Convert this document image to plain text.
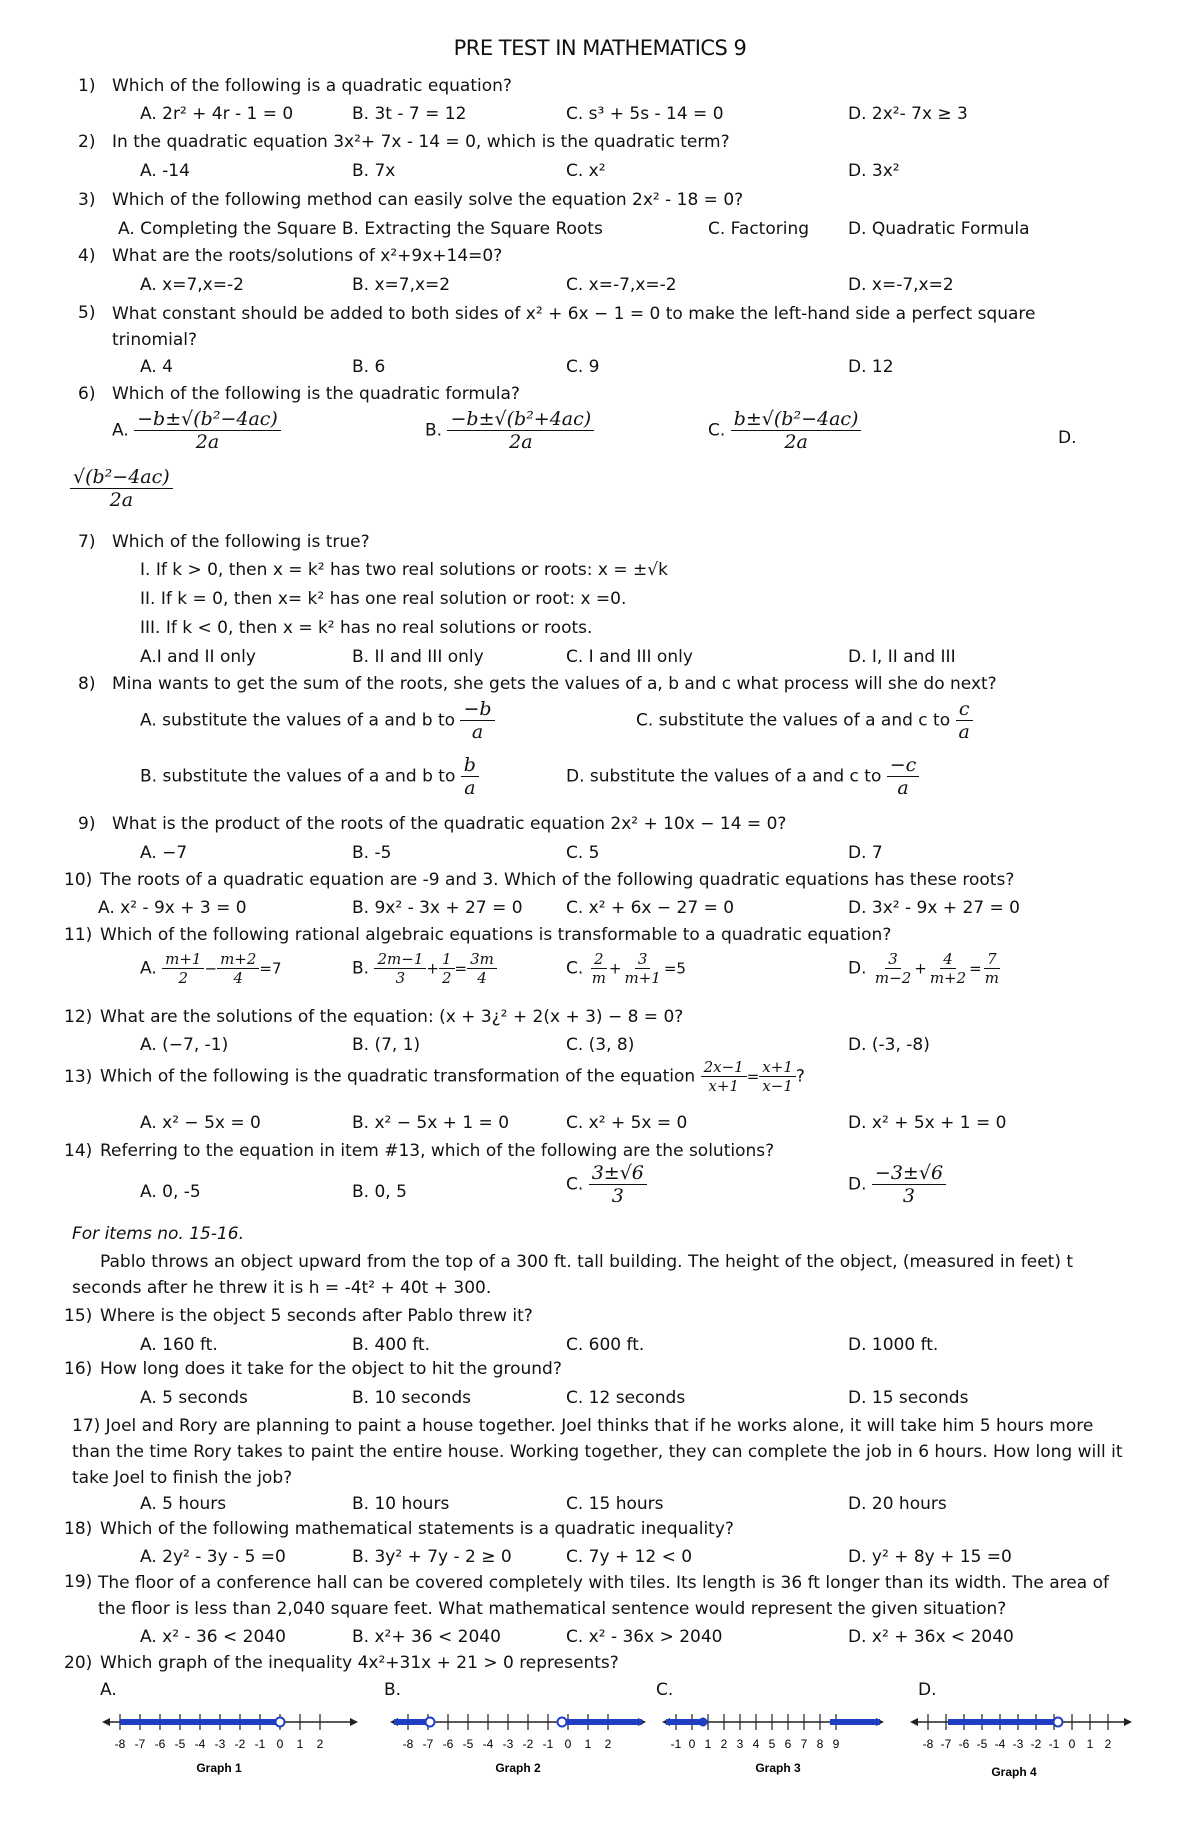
PRE TEST IN MATHEMATICS 9
1) Which of the following is a quadratic equation?
A. 2r² + 4r - 1 = 0	B. 3t - 7 = 12	C. s³ + 5s - 14 = 0	D. 2x²- 7x ≥ 3
2) In the quadratic equation 3x²+ 7x - 14 = 0, which is the quadratic term?
A. -14	B. 7x	C. x²	D. 3x²
3) Which of the following method can easily solve the equation 2x² - 18 = 0?
A. Completing the Square B. Extracting the Square Roots	C. Factoring D. Quadratic Formula
4) What are the roots/solutions of x²+9x+14=0?
A. x=7,x=-2	B. x=7,x=2	C. x=-7,x=-2	D. x=-7,x=2
5) What constant should be added to both sides of x² + 6x − 1 = 0 to make the left-hand side a perfect square trinomial?
A. 4	B. 6	C. 9	D. 12
6) Which of the following is the quadratic formula?
A. $\frac{\text{−b±√(b²−4ac)}}{2a}$	B. $\frac{\text{−b±√(b²+4ac)}}{2a}$	C. $\frac{\text{b±√(b²−4ac)}}{2a}$	D.
$\frac{\text{√(b²−4ac)}}{2a}$
7) Which of the following is true?
I. If k > 0, then x = k² has two real solutions or roots: x = ±√k
II. If k = 0, then x= k² has one real solution or root: x =0.
III. If k < 0, then x = k² has no real solutions or roots.
A.I and II only	B. II and III only	C. I and III only	D. I, II and III
8) Mina wants to get the sum of the roots, she gets the values of a, b and c what process will she do next?
A. substitute the values of a and b to $\frac{-b}{a}$	C. substitute the values of a and c to $\frac{c}{a}$
B. substitute the values of a and b to $\frac{b}{a}$	D. substitute the values of a and c to $\frac{-c}{a}$
9) What is the product of the roots of the quadratic equation 2x² + 10x − 14 = 0?
A. −7	B. -5	C. 5	D. 7
10) The roots of a quadratic equation are -9 and 3. Which of the following quadratic equations has these roots?
A. x² - 9x + 3 = 0	B. 9x² - 3x + 27 = 0	C. x² + 6x − 27 = 0	D. 3x² - 9x + 27 = 0
11) Which of the following rational algebraic equations is transformable to a quadratic equation?
A. $\frac{m+1}{2} - \frac{m+2}{4} =7$	B. $\frac{2m-1}{3} + \frac{1}{2} = \frac{3m}{4}$	C. $\frac{2}{m} + \frac{3}{m+1} =5$	D. $\frac{3}{m-2} + \frac{4}{m+2} = \frac{7}{m}$
12) What are the solutions of the equation: (x + 3¿² + 2(x + 3) − 8 = 0?
A. (−7, -1)	B. (7, 1)	C. (3, 8)	D. (-3, -8)
13) Which of the following is the quadratic transformation of the equation $\frac{2x-1}{x+1} = \frac{x+1}{x-1}$ ?
A. x² − 5x = 0	B. x² − 5x + 1 = 0	C. x² + 5x = 0	D. x² + 5x + 1 = 0
14) Referring to the equation in item #13, which of the following are the solutions?
A. 0, -5	B. 0, 5	C. $\frac{3\pm√6}{3}$	D. $\frac{-3\pm√6}{3}$
For items no. 15-16.
Pablo throws an object upward from the top of a 300 ft. tall building. The height of the object, (measured in feet) t seconds after he threw it is h = -4t² + 40t + 300.
15) Where is the object 5 seconds after Pablo threw it?
A. 160 ft.	B. 400 ft.	C. 600 ft.	D. 1000 ft.
16) How long does it take for the object to hit the ground?
A. 5 seconds	B. 10 seconds	C. 12 seconds	D. 15 seconds
17) Joel and Rory are planning to paint a house together. Joel thinks that if he works alone, it will take him 5 hours more than the time Rory takes to paint the entire house. Working together, they can complete the job in 6 hours. How long will it take Joel to finish the job?
A. 5 hours	B. 10 hours	C. 15 hours	D. 20 hours
18) Which of the following mathematical statements is a quadratic inequality?
A. 2y² - 3y - 5 =0	B. 3y² + 7y - 2 ≥ 0	C. 7y + 12 < 0	D. y² + 8y + 15 =0
19) The floor of a conference hall can be covered completely with tiles. Its length is 36 ft longer than its width. The area of the floor is less than 2,040 square feet. What mathematical sentence would represent the given situation?
A. x² - 36 < 2040	B. x²+ 36 < 2040	C. x² - 36x > 2040	D. x² + 36x < 2040
20) Which graph of the inequality 4x²+31x + 21 > 0 represents?
A.	B.	C.	D.
Graph 1
-8 -7 -6 -5 -4 -3 -2 -1 0 1 2
Graph 2
-8 -7 -6 -5 -4 -3 -2 -1 0 1 2
Graph 3
-1 0 1 2 3 4 5 6 7 8 9
Graph 4
-8 -7 -6 -5 -4 -3 -2 -1 0 1 2
